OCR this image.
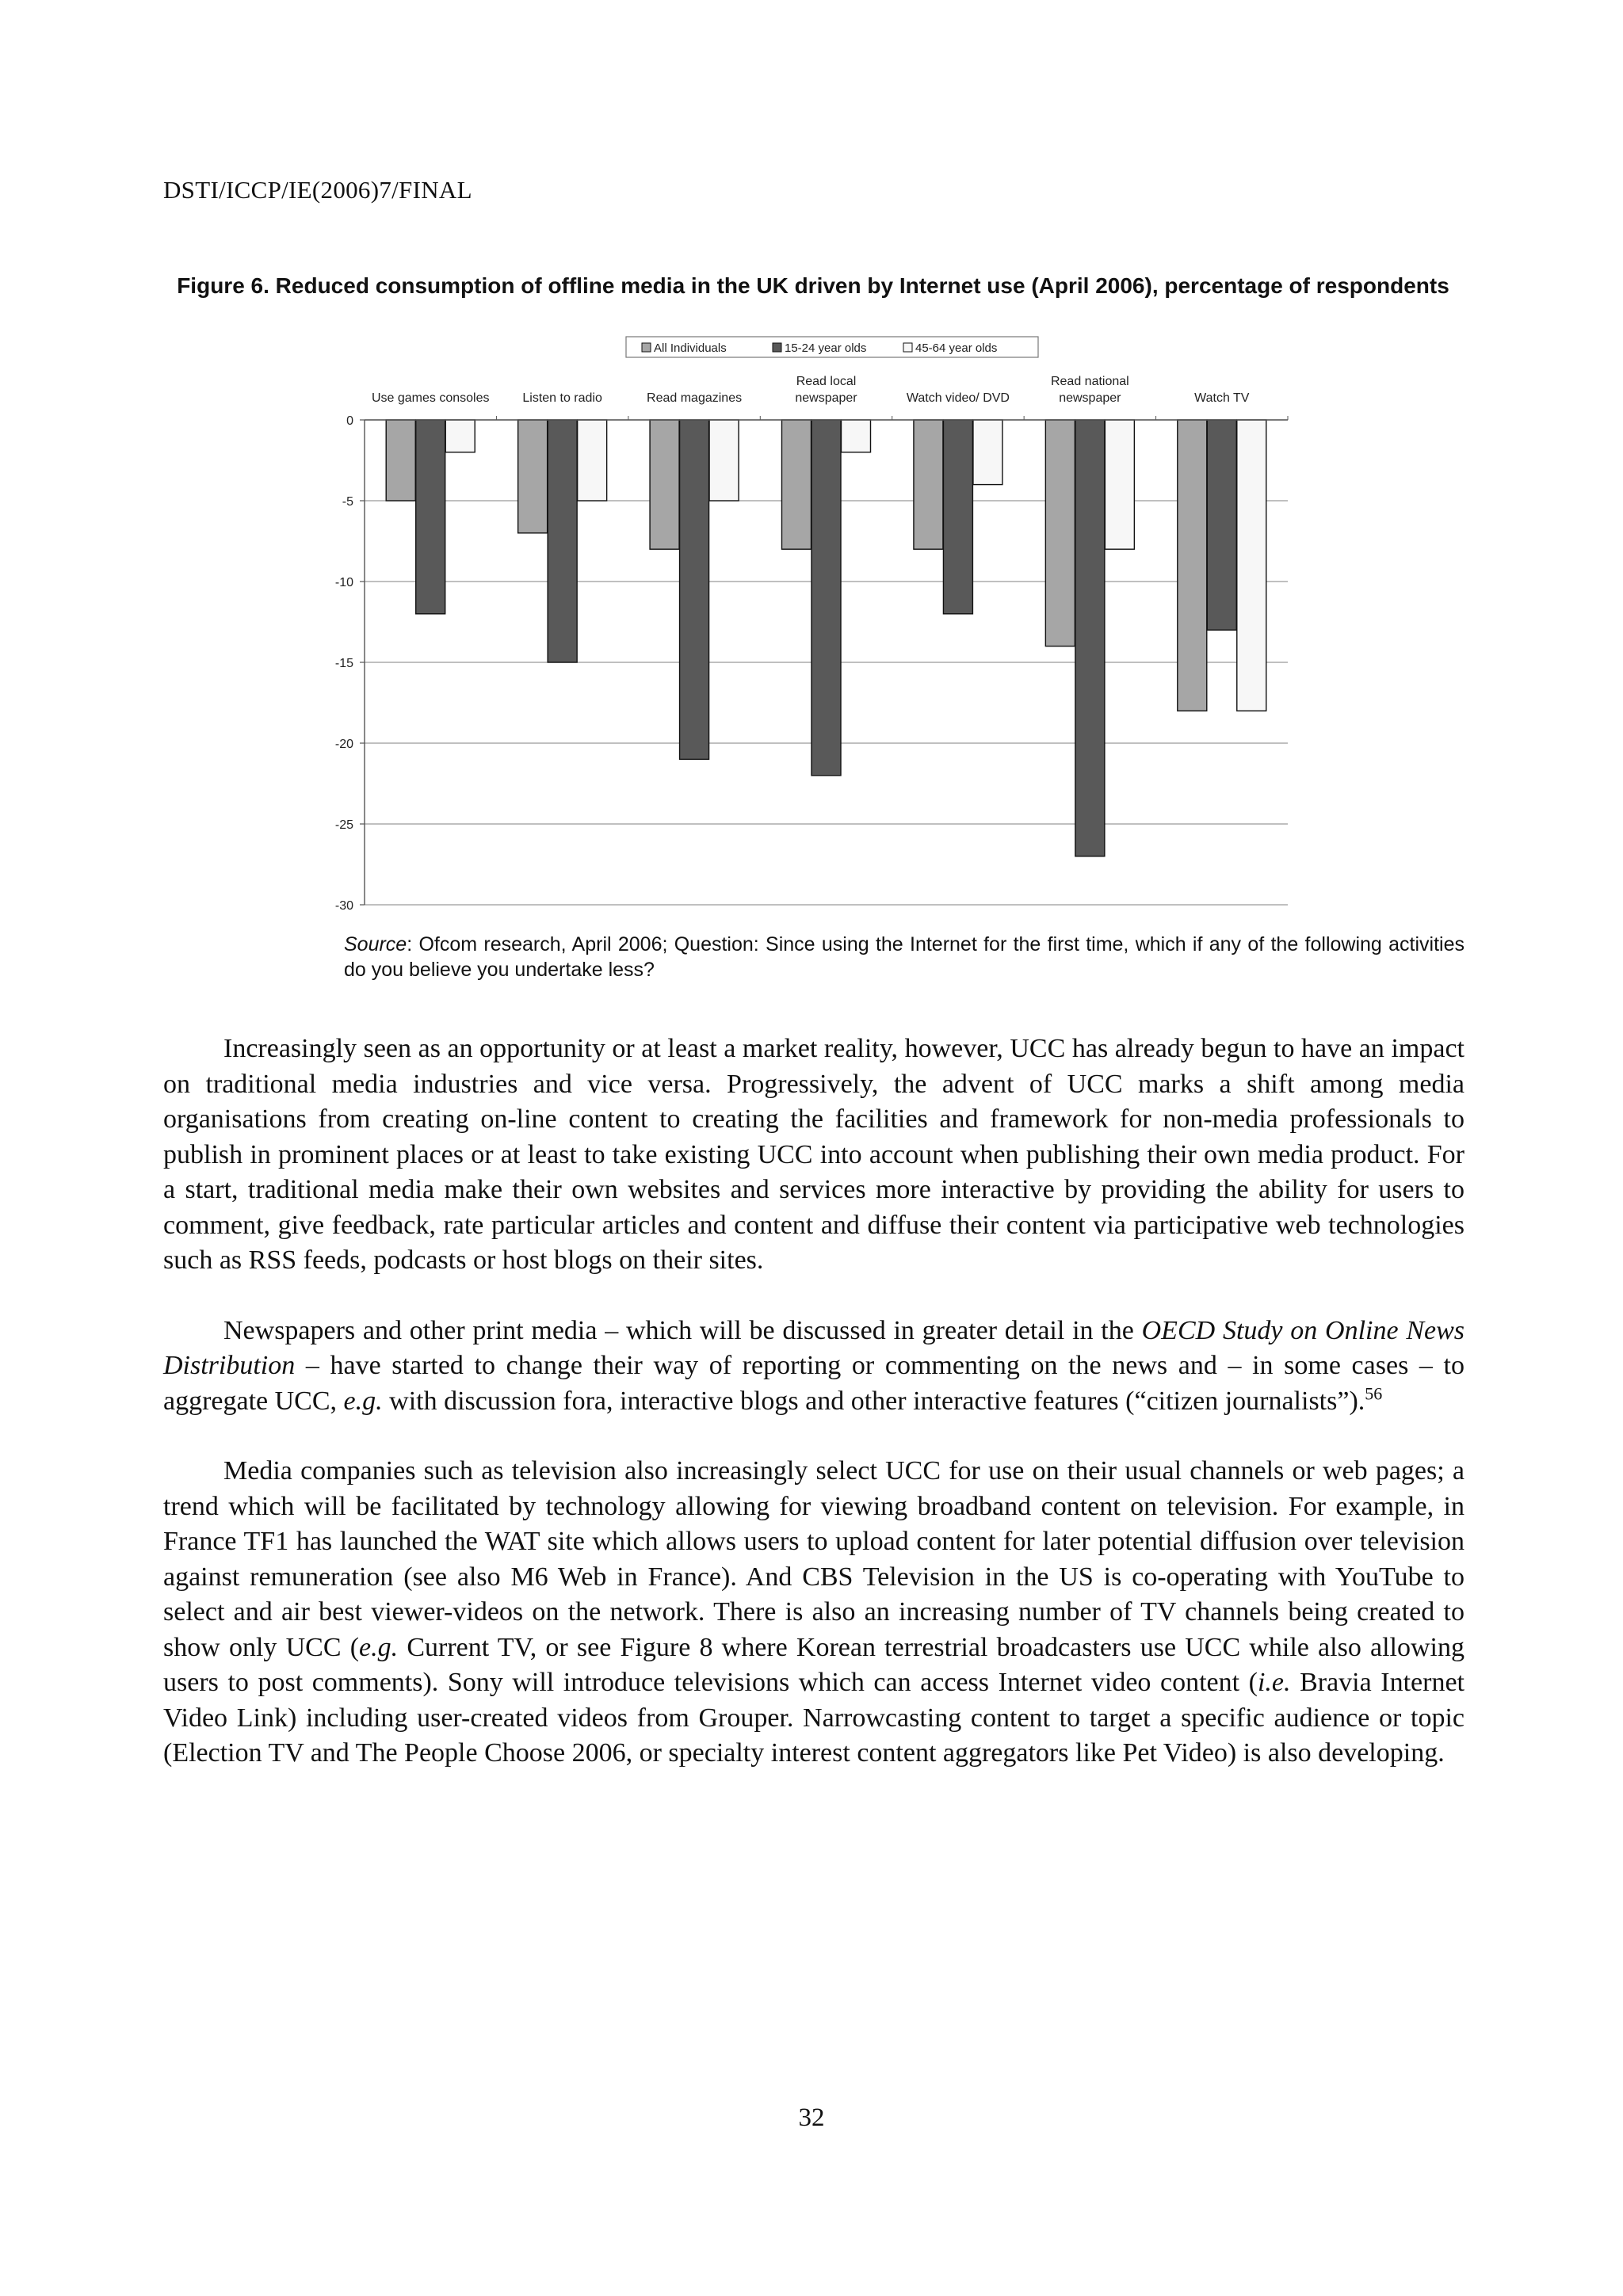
DSTI/ICCP/IE(2006)7/FINAL
Figure 6. Reduced consumption of offline media in the UK driven by Internet use (April 2006), percentage of respondents
All Individuals	15-24 year olds	45-64 year olds
Use games consoles	Listen to radio	Read magazines
Read local
newspaper	Watch video/ DVD
Read national
newspaper	Watch TV
0
-5
-10
-15
-20
-25
-30
Source: Ofcom research, April 2006; Question: Since using the Internet for the first time, which if any of the following activities do you believe you undertake less?

Increasingly seen as an opportunity or at least a market reality, however, UCC has already begun to have an impact on traditional media industries and vice versa. Progressively, the advent of UCC marks a shift among media organisations from creating on-line content to creating the facilities and framework for non-media professionals to publish in prominent places or at least to take existing UCC into account when publishing their own media product. For a start, traditional media make their own websites and services more interactive by providing the ability for users to comment, give feedback, rate particular articles and content and diffuse their content via participative web technologies such as RSS feeds, podcasts or host blogs on their sites.

Newspapers and other print media – which will be discussed in greater detail in the OECD Study on Online News Distribution – have started to change their way of reporting or commenting on the news and – in some cases – to aggregate UCC, e.g. with discussion fora, interactive blogs and other interactive features (“citizen journalists”).$^{56}$

Media companies such as television also increasingly select UCC for use on their usual channels or web pages; a trend which will be facilitated by technology allowing for viewing broadband content on television. For example, in France TF1 has launched the WAT site which allows users to upload content for later potential diffusion over television against remuneration (see also M6 Web in France). And CBS Television in the US is co-operating with YouTube to select and air best viewer-videos on the network. There is also an increasing number of TV channels being created to show only UCC (e.g. Current TV, or see Figure 8 where Korean terrestrial broadcasters use UCC while also allowing users to post comments). Sony will introduce televisions which can access Internet video content (i.e. Bravia Internet Video Link) including user-created videos from Grouper. Narrowcasting content to target a specific audience or topic (Election TV and The People Choose 2006, or specialty interest content aggregators like Pet Video) is also developing.

32
